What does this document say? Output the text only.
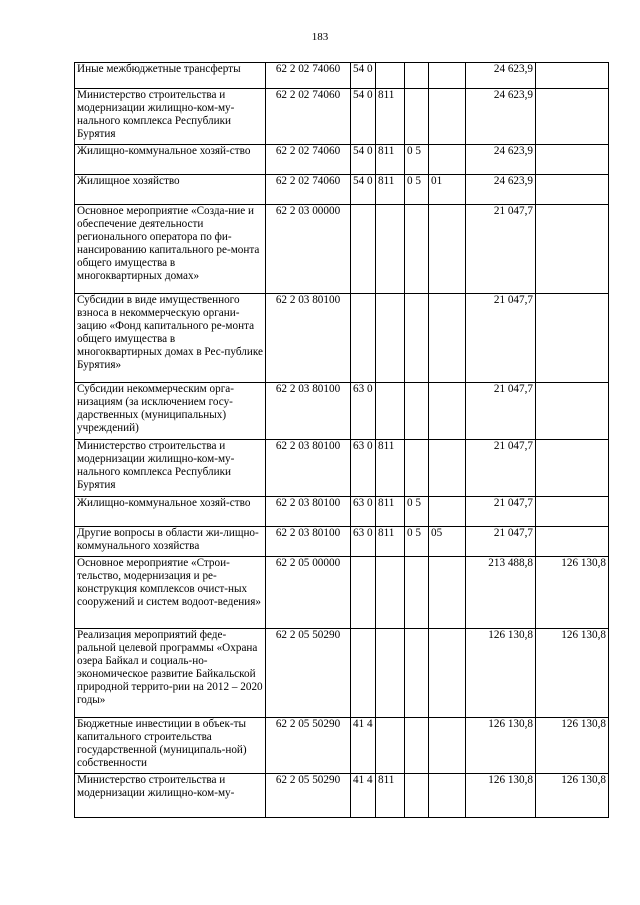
183
Иные межбюджетные трансферты	62 2 02 74060	54 0				24 623,9	
Министерство строительства и модернизации жилищно-ком-му-нального комплекса Республики Бурятия	62 2 02 74060	54 0	811			24 623,9	
Жилищно-коммунальное хозяй-ство	62 2 02 74060	54 0	811	0 5		24 623,9	
Жилищное хозяйство	62 2 02 74060	54 0	811	0 5	01	24 623,9	
Основное мероприятие «Созда-ние и обеспечение деятельности регионального оператора по фи-нансированию капитального ре-монта общего имущества в многоквартирных домах»	62 2 03 00000					21 047,7	
Субсидии в виде имущественного взноса в некоммерческую органи-зацию «Фонд капитального ре-монта общего имущества в многоквартирных домах в Рес-публике Бурятия»	62 2 03 80100					21 047,7	
Субсидии некоммерческим орга-низациям (за исключением госу-дарственных (муниципальных) учреждений)	62 2 03 80100	63 0				21 047,7	
Министерство строительства и модернизации жилищно-ком-му-нального комплекса Республики Бурятия	62 2 03 80100	63 0	811			21 047,7	
Жилищно-коммунальное хозяй-ство	62 2 03 80100	63 0	811	0 5		21 047,7	
Другие вопросы в области жи-лищно-коммунального хозяйства	62 2 03 80100	63 0	811	0 5	05	21 047,7	
Основное мероприятие «Строи-тельство, модернизация и ре-конструкция комплексов очист-ных сооружений и систем водоот-ведения»	62 2 05 00000					213 488,8	126 130,8
Реализация мероприятий феде-ральной целевой программы «Охрана озера Байкал и социаль-но-экономическое развитие Байкальской природной террито-рии на 2012 – 2020 годы»	62 2 05 50290					126 130,8	126 130,8
Бюджетные инвестиции в объек-ты капитального строительства государственной (муниципаль-ной) собственности	62 2 05 50290	41 4				126 130,8	126 130,8
Министерство строительства и модернизации жилищно-ком-му-	62 2 05 50290	41 4	811			126 130,8	126 130,8
